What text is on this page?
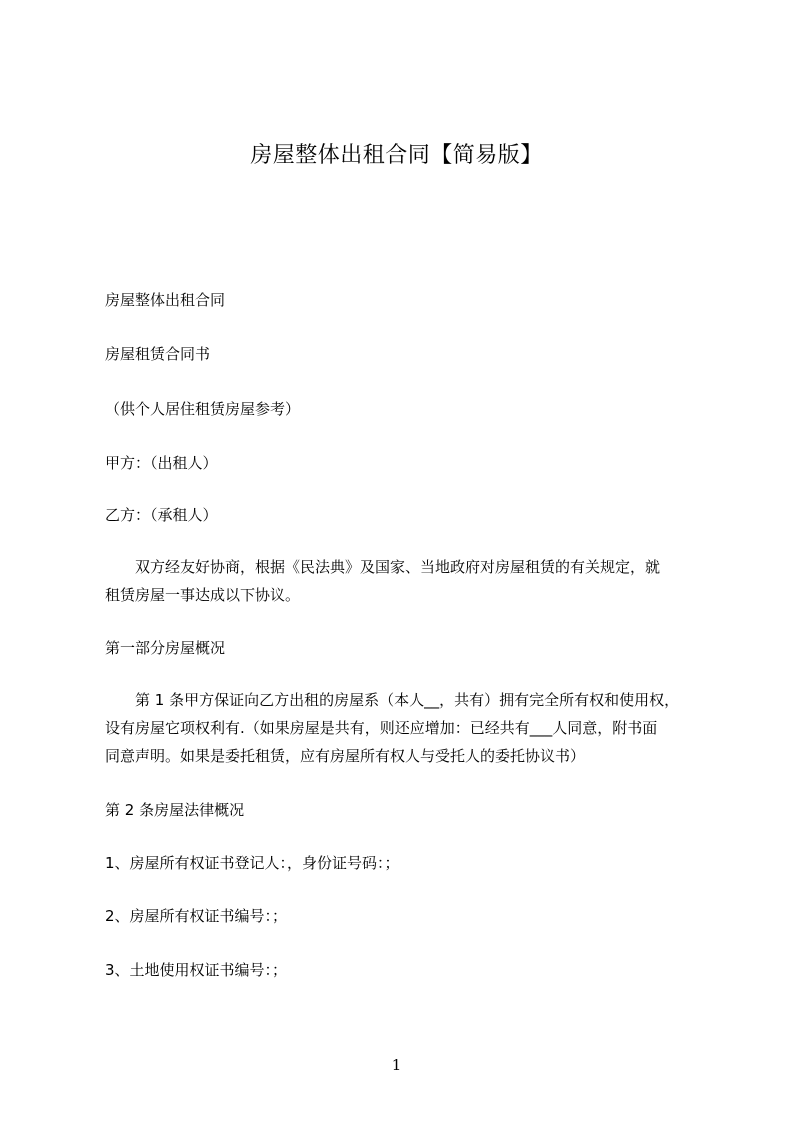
房屋整体出租合同【简易版】
房屋整体出租合同
房屋租赁合同书
（供个人居住租赁房屋参考）
甲方：（出租人）
乙方：（承租人）
双方经友好协商，根据《民法典》及国家、当地政府对房屋租赁的有关规定，就
租赁房屋一事达成以下协议。
第一部分房屋概况
第 1 条甲方保证向乙方出租的房屋系（本人__，共有）拥有完全所有权和使用权，
设有房屋它项权利有.（如果房屋是共有，则还应增加：已经共有___人同意，附书面
同意声明。如果是委托租赁，应有房屋所有权人与受托人的委托协议书）
第 2 条房屋法律概况
1、房屋所有权证书登记人：，身份证号码：；
2、房屋所有权证书编号：；
3、土地使用权证书编号：；
1
